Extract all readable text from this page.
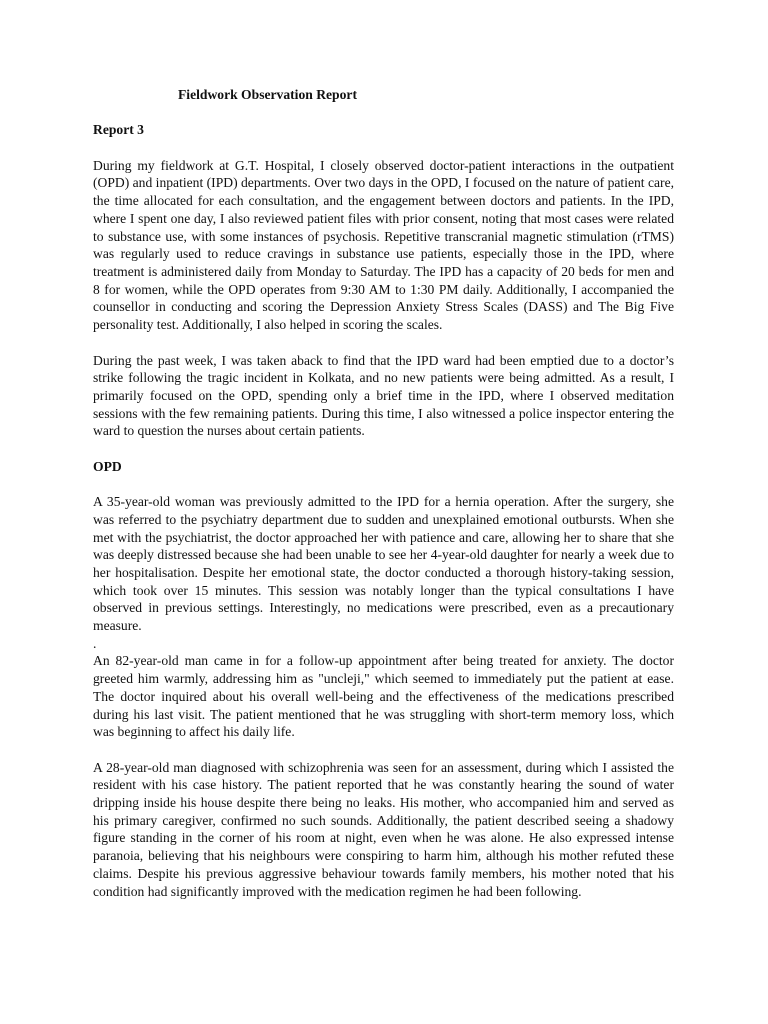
Fieldwork Observation Report
Report 3

During my fieldwork at G.T. Hospital, I closely observed doctor-patient interactions in the outpatient (OPD) and inpatient (IPD) departments. Over two days in the OPD, I focused on the nature of patient care, the time allocated for each consultation, and the engagement between doctors and patients. In the IPD, where I spent one day, I also reviewed patient files with prior consent, noting that most cases were related to substance use, with some instances of psychosis. Repetitive transcranial magnetic stimulation (rTMS) was regularly used to reduce cravings in substance use patients, especially those in the IPD, where treatment is administered daily from Monday to Saturday. The IPD has a capacity of 20 beds for men and 8 for women, while the OPD operates from 9:30 AM to 1:30 PM daily. Additionally, I accompanied the counsellor in conducting and scoring the Depression Anxiety Stress Scales (DASS) and The Big Five personality test. Additionally, I also helped in scoring the scales.

During the past week, I was taken aback to find that the IPD ward had been emptied due to a doctor’s strike following the tragic incident in Kolkata, and no new patients were being admitted. As a result, I primarily focused on the OPD, spending only a brief time in the IPD, where I observed meditation sessions with the few remaining patients. During this time, I also witnessed a police inspector entering the ward to question the nurses about certain patients.

OPD

A 35-year-old woman was previously admitted to the IPD for a hernia operation. After the surgery, she was referred to the psychiatry department due to sudden and unexplained emotional outbursts. When she met with the psychiatrist, the doctor approached her with patience and care, allowing her to share that she was deeply distressed because she had been unable to see her 4-year-old daughter for nearly a week due to her hospitalisation. Despite her emotional state, the doctor conducted a thorough history-taking session, which took over 15 minutes. This session was notably longer than the typical consultations I have observed in previous settings. Interestingly, no medications were prescribed, even as a precautionary measure.

.

An 82-year-old man came in for a follow-up appointment after being treated for anxiety. The doctor greeted him warmly, addressing him as "uncleji," which seemed to immediately put the patient at ease. The doctor inquired about his overall well-being and the effectiveness of the medications prescribed during his last visit. The patient mentioned that he was struggling with short-term memory loss, which was beginning to affect his daily life.

A 28-year-old man diagnosed with schizophrenia was seen for an assessment, during which I assisted the resident with his case history. The patient reported that he was constantly hearing the sound of water dripping inside his house despite there being no leaks. His mother, who accompanied him and served as his primary caregiver, confirmed no such sounds. Additionally, the patient described seeing a shadowy figure standing in the corner of his room at night, even when he was alone. He also expressed intense paranoia, believing that his neighbours were conspiring to harm him, although his mother refuted these claims. Despite his previous aggressive behaviour towards family members, his mother noted that his condition had significantly improved with the medication regimen he had been following.
